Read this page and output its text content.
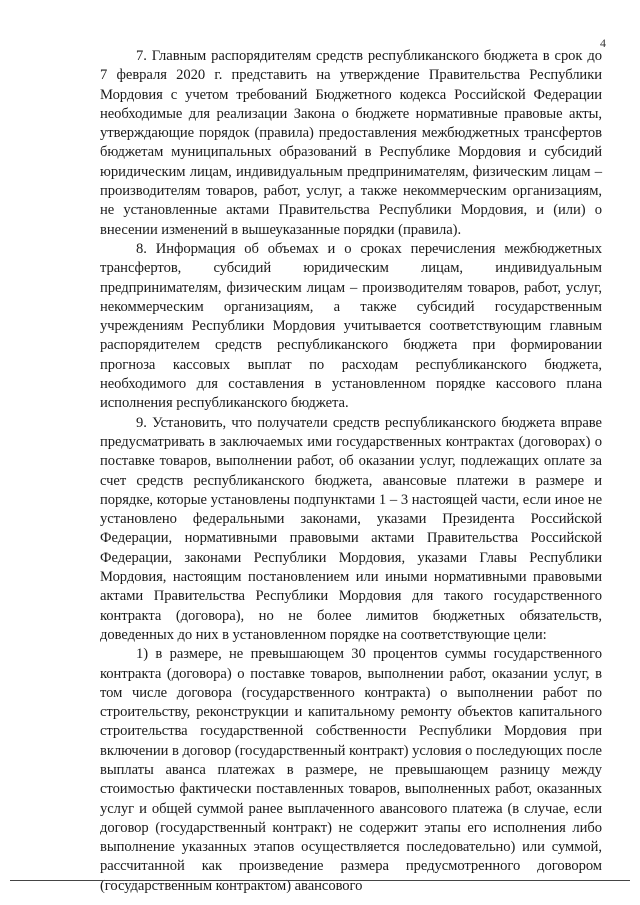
4

7. Главным распорядителям средств республиканского бюджета в срок до 7 февраля 2020 г. представить на утверждение Правительства Республики Мордовия с учетом требований Бюджетного кодекса Российской Федерации необходимые для реализации Закона о бюджете нормативные правовые акты, утверждающие порядок (правила) предоставления межбюджетных трансфертов бюджетам муниципальных образований в Республике Мордовия и субсидий юридическим лицам, индивидуальным предпринимателям, физическим лицам – производителям товаров, работ, услуг, а также некоммерческим организациям, не установленные актами Правительства Республики Мордовия, и (или) о внесении изменений в вышеуказанные порядки (правила).

8. Информация об объемах и о сроках перечисления межбюджетных трансфертов, субсидий юридическим лицам, индивидуальным предпринимателям, физическим лицам – производителям товаров, работ, услуг, некоммерческим организациям, а также субсидий государственным учреждениям Республики Мордовия учитывается соответствующим главным распорядителем средств республиканского бюджета при формировании прогноза кассовых выплат по расходам республиканского бюджета, необходимого для составления в установленном порядке кассового плана исполнения республиканского бюджета.

9. Установить, что получатели средств республиканского бюджета вправе предусматривать в заключаемых ими государственных контрактах (договорах) о поставке товаров, выполнении работ, об оказании услуг, подлежащих оплате за счет средств республиканского бюджета, авансовые платежи в размере и порядке, которые установлены подпунктами 1 – 3 настоящей части, если иное не установлено федеральными законами, указами Президента Российской Федерации, нормативными правовыми актами Правительства Российской Федерации, законами Республики Мордовия, указами Главы Республики Мордовия, настоящим постановлением или иными нормативными правовыми актами Правительства Республики Мордовия для такого государственного контракта (договора), но не более лимитов бюджетных обязательств, доведенных до них в установленном порядке на соответствующие цели:

1) в размере, не превышающем 30 процентов суммы государственного контракта (договора) о поставке товаров, выполнении работ, оказании услуг, в том числе договора (государственного контракта) о выполнении работ по строительству, реконструкции и капитальному ремонту объектов капитального строительства государственной собственности Республики Мордовия при включении в договор (государственный контракт) условия о последующих после выплаты аванса платежах в размере, не превышающем разницу между стоимостью фактически поставленных товаров, выполненных работ, оказанных услуг и общей суммой ранее выплаченного авансового платежа (в случае, если договор (государственный контракт) не содержит этапы его исполнения либо выполнение указанных этапов осуществляется последовательно) или суммой, рассчитанной как произведение размера предусмотренного договором (государственным контрактом) авансового
